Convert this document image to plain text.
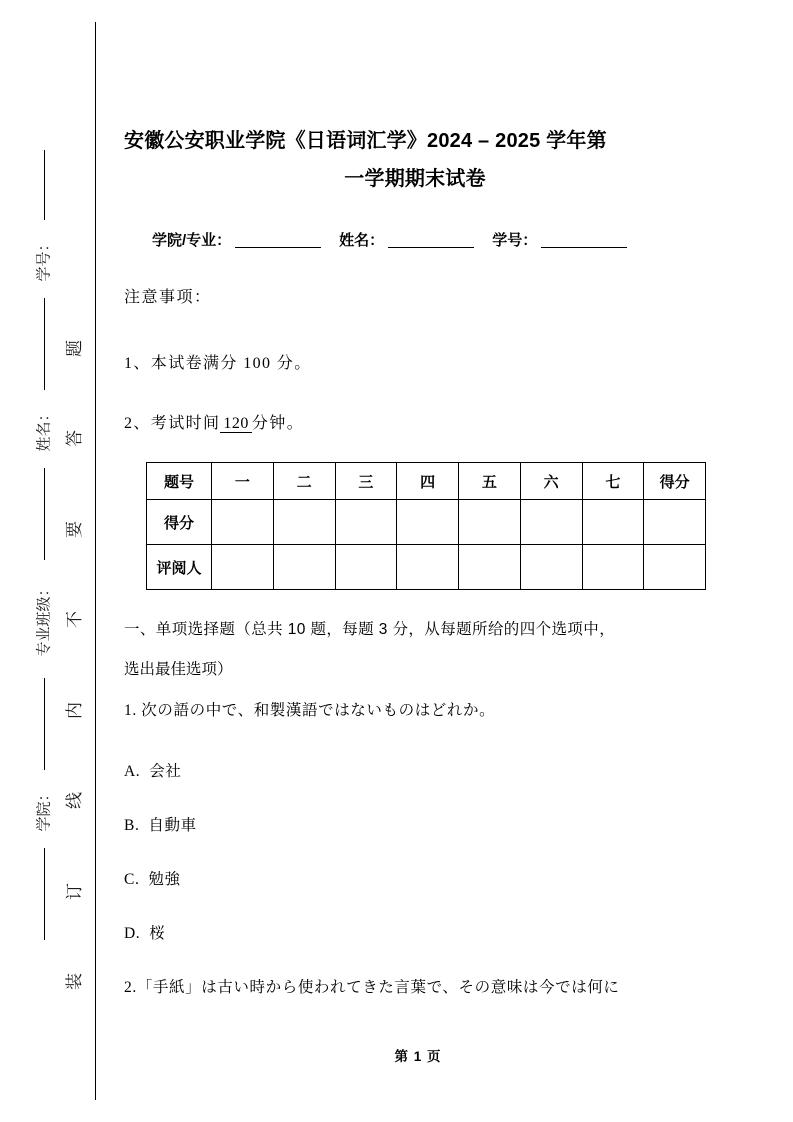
题
答
要
不
内
线
订
装
学号：
姓名：
专业班级：
学院：
安徽公安职业学院《日语词汇学》2024 – 2025 学年第
一学期期末试卷
学院/专业：	姓名：	学号：
注意事项：
1、本试卷满分 100 分。
2、考试时间 120 分钟。
题号	一	二	三	四	五	六	七	得分
得分								
评阅人								
一、单项选择题（总共 10 题，每题 3 分，从每题所给的四个选项中，
选出最佳选项）
1. 次の語の中で、和製漢語ではないものはどれか。
A. 会社
B. 自動車
C. 勉強
D. 桜
2.「手紙」は古い時から使われてきた言葉で、その意味は今では何に
第 1 页
